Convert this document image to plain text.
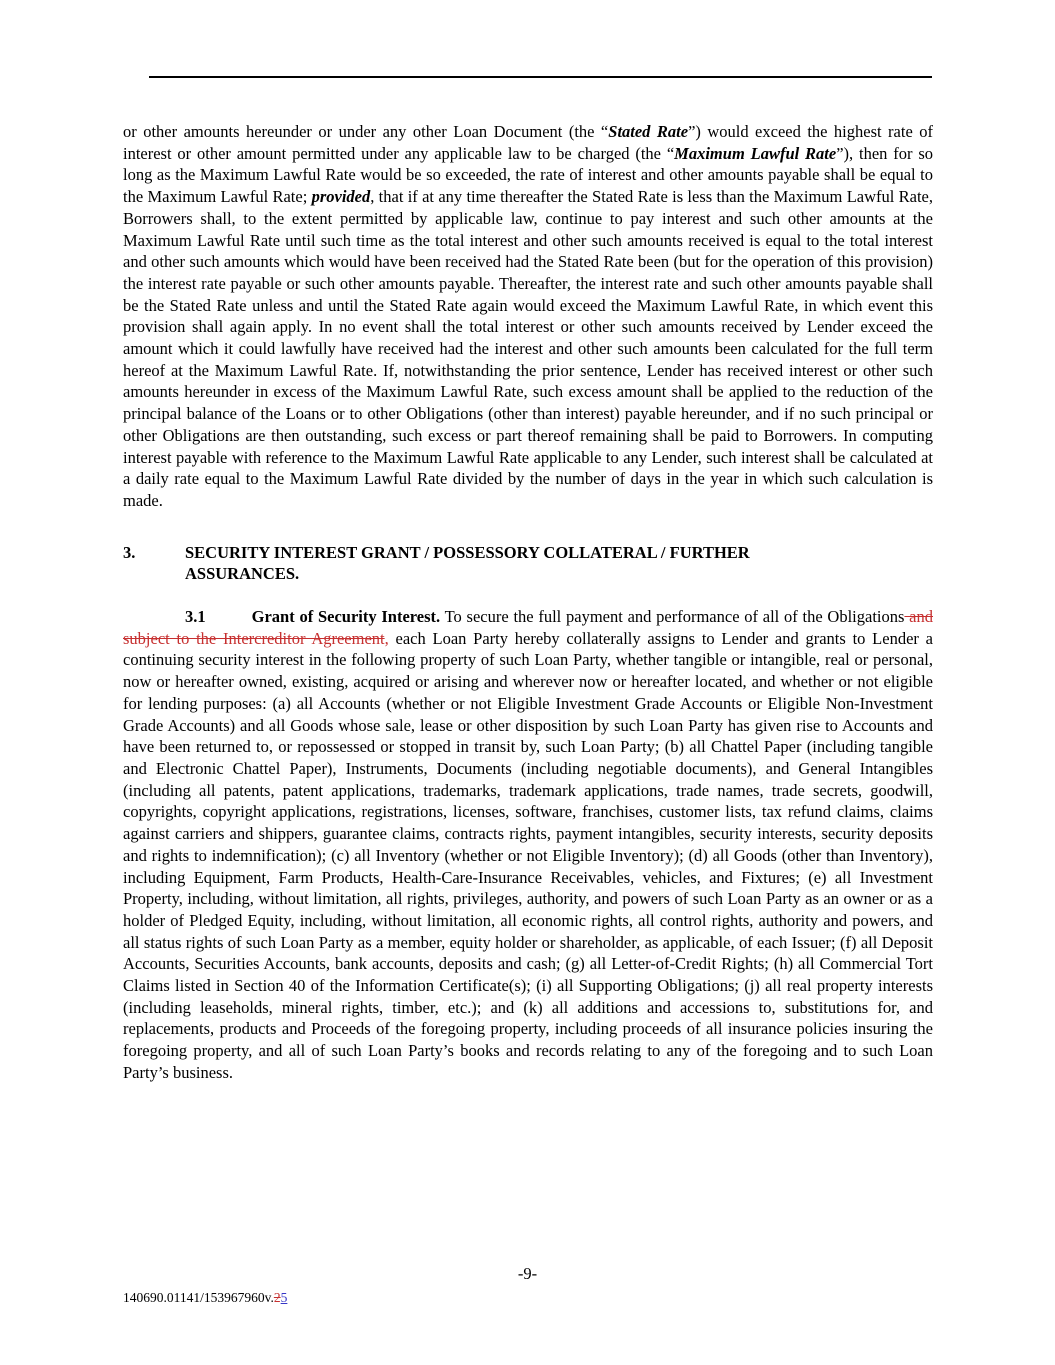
or other amounts hereunder or under any other Loan Document (the “Stated Rate”) would exceed the highest rate of interest or other amount permitted under any applicable law to be charged (the “Maximum Lawful Rate”), then for so long as the Maximum Lawful Rate would be so exceeded, the rate of interest and other amounts payable shall be equal to the Maximum Lawful Rate; provided, that if at any time thereafter the Stated Rate is less than the Maximum Lawful Rate, Borrowers shall, to the extent permitted by applicable law, continue to pay interest and such other amounts at the Maximum Lawful Rate until such time as the total interest and other such amounts received is equal to the total interest and other such amounts which would have been received had the Stated Rate been (but for the operation of this provision) the interest rate payable or such other amounts payable. Thereafter, the interest rate and such other amounts payable shall be the Stated Rate unless and until the Stated Rate again would exceed the Maximum Lawful Rate, in which event this provision shall again apply. In no event shall the total interest or other such amounts received by Lender exceed the amount which it could lawfully have received had the interest and other such amounts been calculated for the full term hereof at the Maximum Lawful Rate. If, notwithstanding the prior sentence, Lender has received interest or other such amounts hereunder in excess of the Maximum Lawful Rate, such excess amount shall be applied to the reduction of the principal balance of the Loans or to other Obligations (other than interest) payable hereunder, and if no such principal or other Obligations are then outstanding, such excess or part thereof remaining shall be paid to Borrowers. In computing interest payable with reference to the Maximum Lawful Rate applicable to any Lender, such interest shall be calculated at a daily rate equal to the Maximum Lawful Rate divided by the number of days in the year in which such calculation is made.

3.	SECURITY INTEREST GRANT / POSSESSORY COLLATERAL / FURTHER
ASSURANCES.

3.1	Grant of Security Interest. To secure the full payment and performance of all of the Obligations and subject to the Intercreditor Agreement, each Loan Party hereby collaterally assigns to Lender and grants to Lender a continuing security interest in the following property of such Loan Party, whether tangible or intangible, real or personal, now or hereafter owned, existing, acquired or arising and wherever now or hereafter located, and whether or not eligible for lending purposes: (a) all Accounts (whether or not Eligible Investment Grade Accounts or Eligible Non-Investment Grade Accounts) and all Goods whose sale, lease or other disposition by such Loan Party has given rise to Accounts and have been returned to, or repossessed or stopped in transit by, such Loan Party; (b) all Chattel Paper (including tangible and Electronic Chattel Paper), Instruments, Documents (including negotiable documents), and General Intangibles (including all patents, patent applications, trademarks, trademark applications, trade names, trade secrets, goodwill, copyrights, copyright applications, registrations, licenses, software, franchises, customer lists, tax refund claims, claims against carriers and shippers, guarantee claims, contracts rights, payment intangibles, security interests, security deposits and rights to indemnification); (c) all Inventory (whether or not Eligible Inventory); (d) all Goods (other than Inventory), including Equipment, Farm Products, Health-Care-Insurance Receivables, vehicles, and Fixtures; (e) all Investment Property, including, without limitation, all rights, privileges, authority, and powers of such Loan Party as an owner or as a holder of Pledged Equity, including, without limitation, all economic rights, all control rights, authority and powers, and all status rights of such Loan Party as a member, equity holder or shareholder, as applicable, of each Issuer; (f) all Deposit Accounts, Securities Accounts, bank accounts, deposits and cash; (g) all Letter-of-Credit Rights; (h) all Commercial Tort Claims listed in Section 40 of the Information Certificate(s); (i) all Supporting Obligations; (j) all real property interests (including leaseholds, mineral rights, timber, etc.); and (k) all additions and accessions to, substitutions for, and replacements, products and Proceeds of the foregoing property, including proceeds of all insurance policies insuring the foregoing property, and all of such Loan Party’s books and records relating to any of the foregoing and to such Loan Party’s business.

-9-
140690.01141/153967960v.25
